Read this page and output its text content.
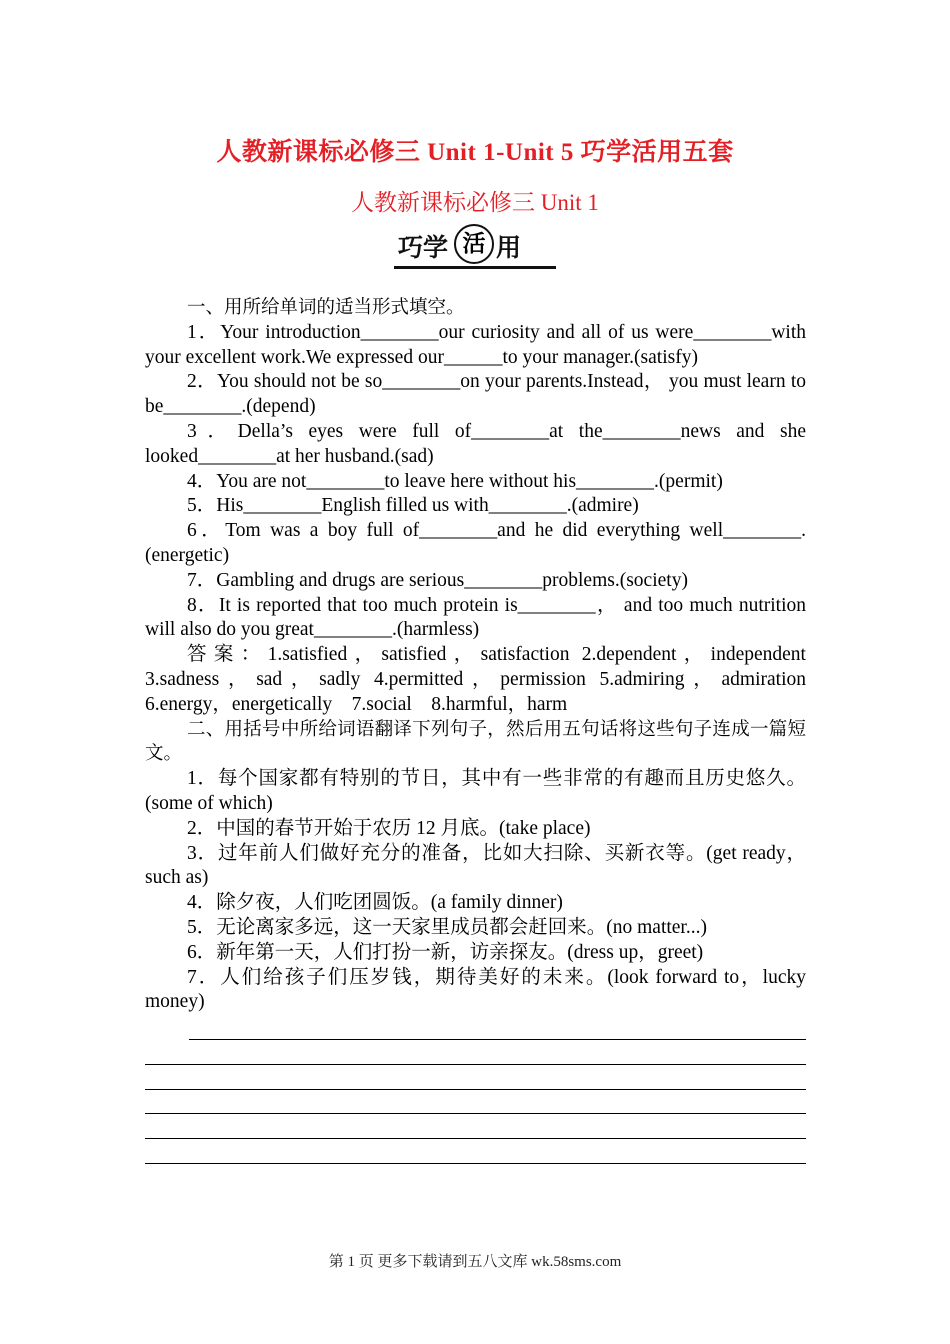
人教新课标必修三 Unit 1-Unit 5 巧学活用五套
人教新课标必修三 Unit 1
巧学 活 用

一、用所给单词的适当形式填空。

1．Your introduction________our curiosity and all of us were________with your excellent work.We expressed our______to your manager.(satisfy)

2．You should not be so________on your parents.Instead， you must learn to be________.(depend)

3．Della’s eyes were full of________at the________news and she looked________at her husband.(sad)

4．You are not________to leave here without his________.(permit)

5．His________English filled us with________.(admire)

6．Tom was a boy full of________and he did everything well________.(energetic)

7．Gambling and drugs are serious________problems.(society)

8．It is reported that too much protein is________， and too much nutrition will also do you great________.(harmless)

答案：1.satisfied，satisfied，satisfaction 2.dependent，independent 3.sadness，sad，sadly 4.permitted，permission 5.admiring，admiration

6.energy，energetically　7.social　8.harmful，harm

二、用括号中所给词语翻译下列句子，然后用五句话将这些句子连成一篇短文。

1．每个国家都有特别的节日，其中有一些非常的有趣而且历史悠久。(some of which)

2．中国的春节开始于农历 12 月底。(take place)

3．过年前人们做好充分的准备，比如大扫除、买新衣等。(get ready，such as)

4．除夕夜，人们吃团圆饭。(a family dinner)

5．无论离家多远，这一天家里成员都会赶回来。(no matter...)

6．新年第一天，人们打扮一新，访亲探友。(dress up，greet)

7．人们给孩子们压岁钱，期待美好的未来。(look forward to，lucky money)

第 1 页 更多下载请到五八文库 wk.58sms.com
